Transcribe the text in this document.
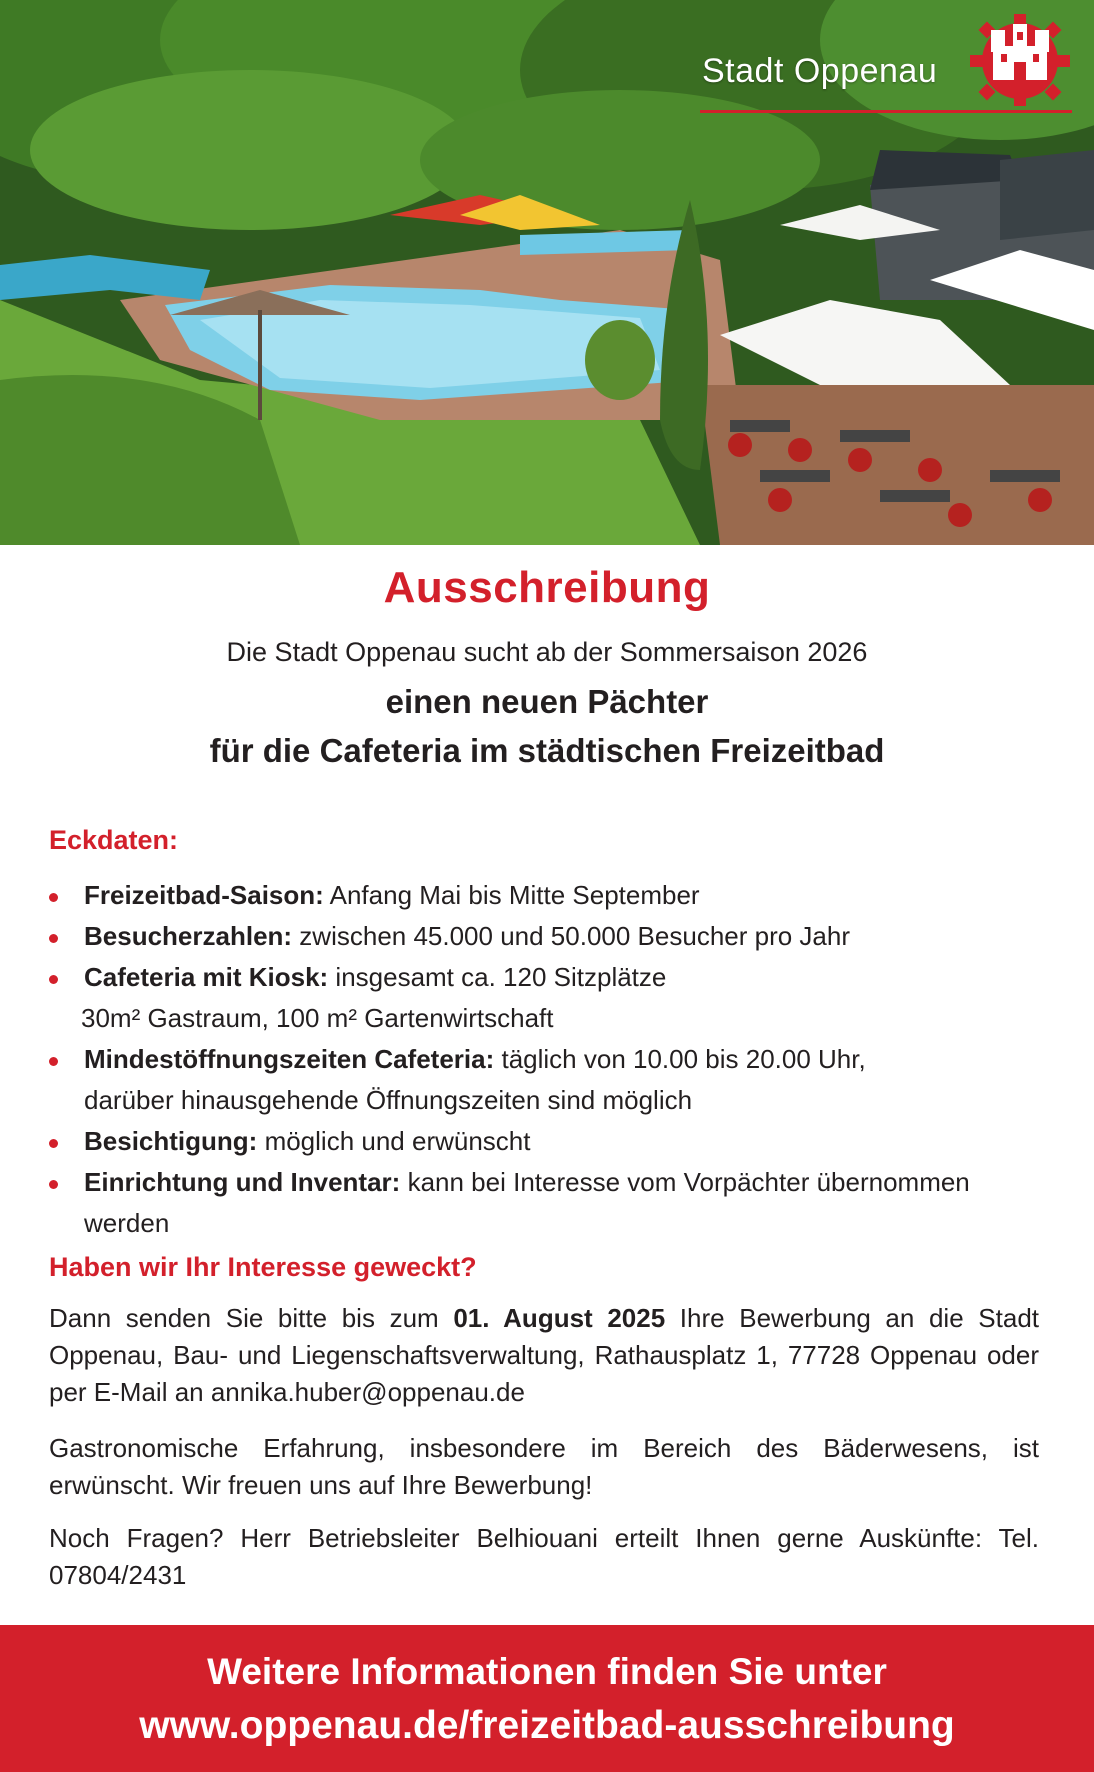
Stadt Oppenau
Ausschreibung
Die Stadt Oppenau sucht ab der Sommersaison 2026
einen neuen Pächter
für die Cafeteria im städtischen Freizeitbad
Eckdaten:
Freizeitbad-Saison: Anfang Mai bis Mitte September
Besucherzahlen: zwischen 45.000 und 50.000 Besucher pro Jahr
Cafeteria mit Kiosk: insgesamt ca. 120 Sitzplätze
30m² Gastraum, 100 m² Gartenwirtschaft
Mindestöffnungszeiten Cafeteria: täglich von 10.00 bis 20.00 Uhr,
darüber hinausgehende Öffnungszeiten sind möglich
Besichtigung: möglich und erwünscht
Einrichtung und Inventar: kann bei Interesse vom Vorpächter übernommen
werden
Haben wir Ihr Interesse geweckt?
Dann senden Sie bitte bis zum 01. August 2025 Ihre Bewerbung an die Stadt Oppenau, Bau- und Liegenschaftsverwaltung, Rathausplatz 1, 77728 Oppenau oder per E-Mail an annika.huber@oppenau.de
Gastronomische Erfahrung, insbesondere im Bereich des Bäderwesens, ist erwünscht. Wir freuen uns auf Ihre Bewerbung!
Noch Fragen? Herr Betriebsleiter Belhiouani erteilt Ihnen gerne Auskünfte: Tel. 07804/2431
Weitere Informationen finden Sie unter
www.oppenau.de/freizeitbad-ausschreibung
